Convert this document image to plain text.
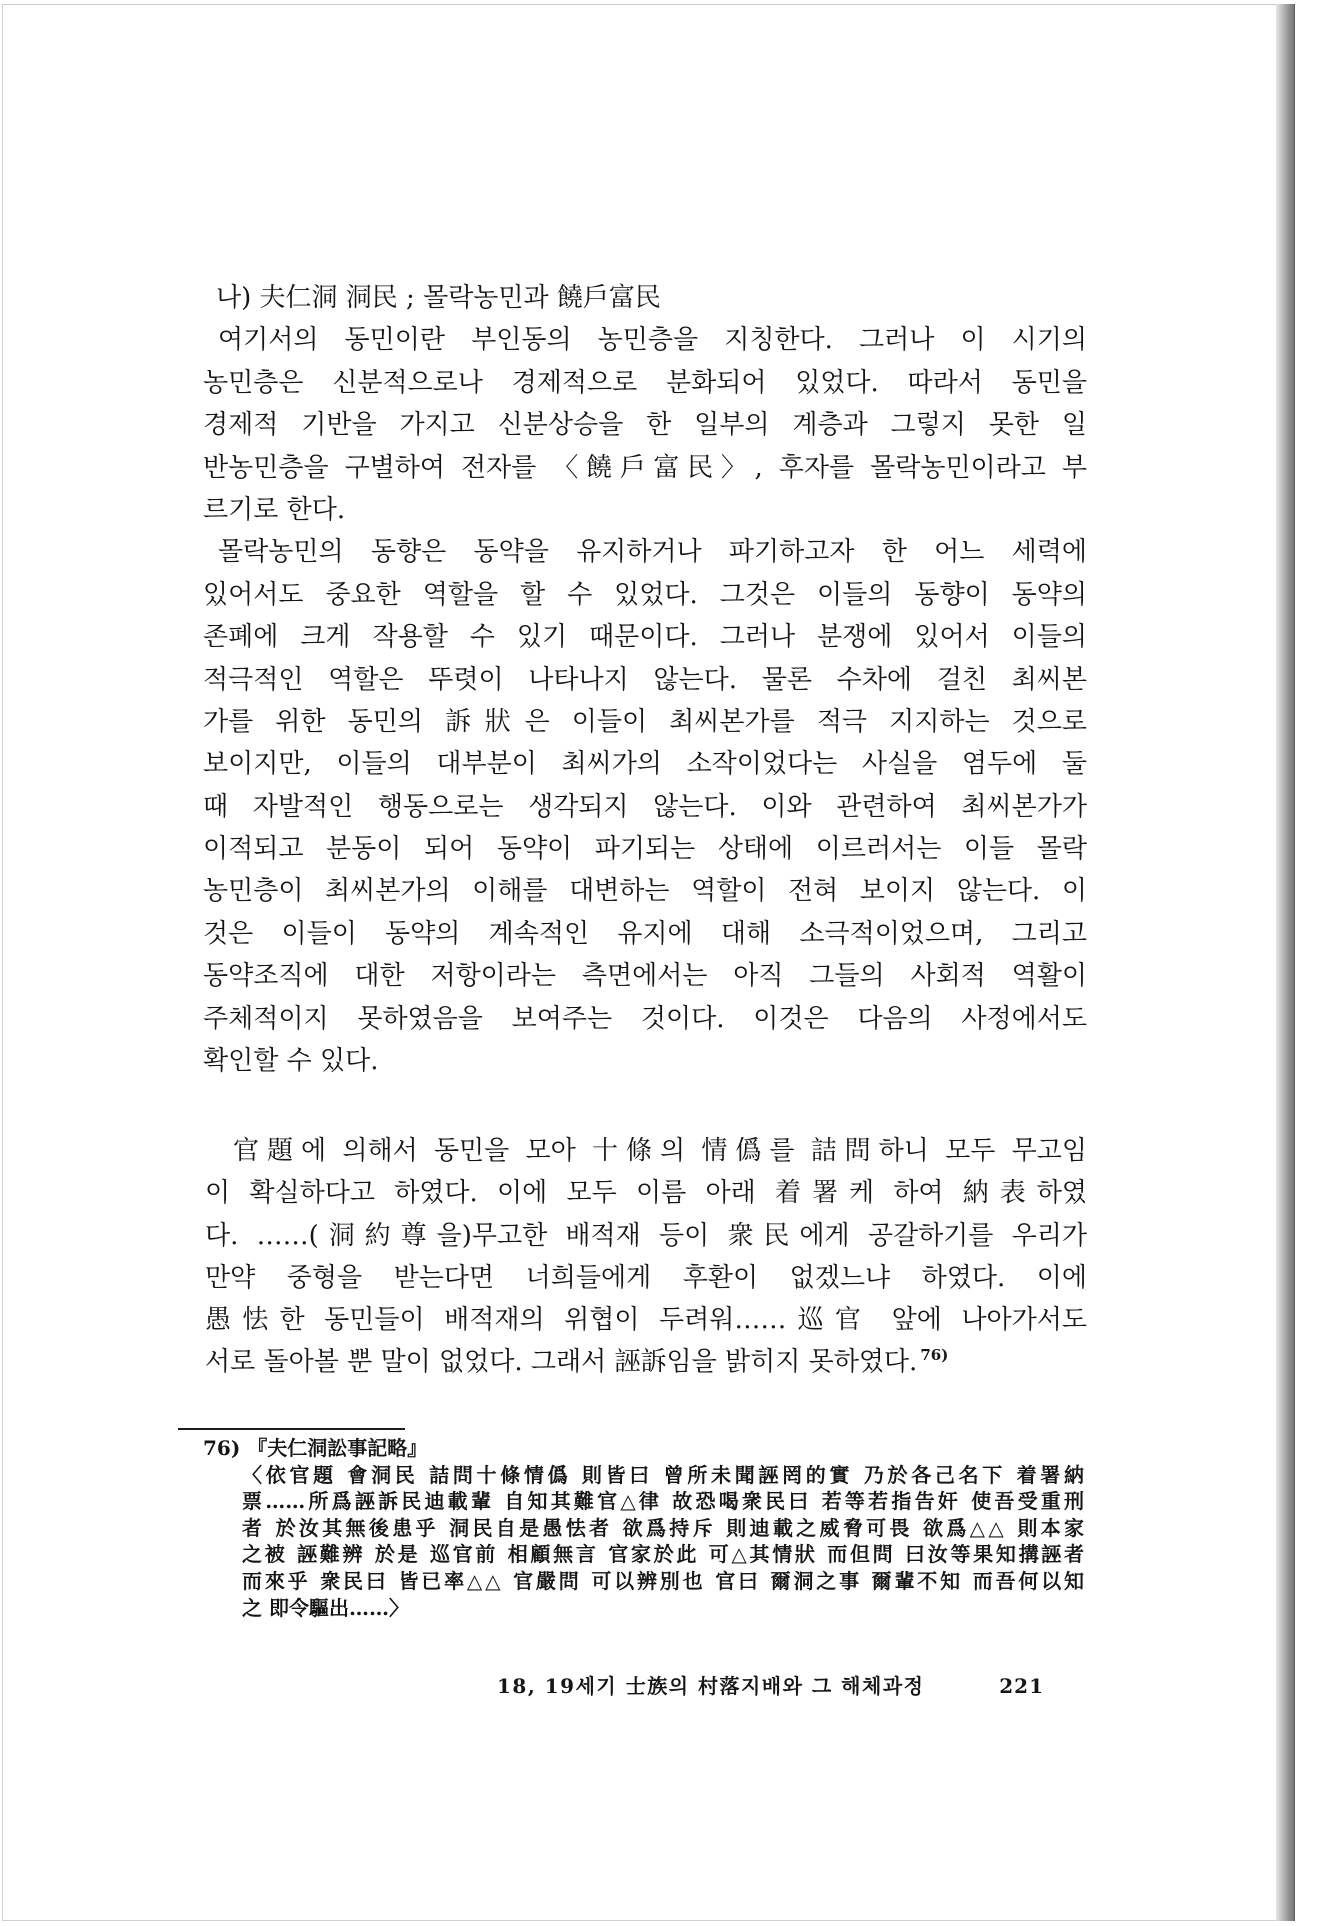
나) 夫仁洞 洞民 ; 몰락농민과 饒戶富民
여기서의 동민이란 부인동의 농민층을 지칭한다. 그러나 이 시기의
농민층은 신분적으로나 경제적으로 분화되어 있었다. 따라서 동민을
경제적 기반을 가지고 신분상승을 한 일부의 계층과 그렇지 못한 일
반농민층을 구별하여 전자를 〈饒戶富民〉, 후자를 몰락농민이라고 부
르기로 한다.
몰락농민의 동향은 동약을 유지하거나 파기하고자 한 어느 세력에
있어서도 중요한 역할을 할 수 있었다. 그것은 이들의 동향이 동약의
존폐에 크게 작용할 수 있기 때문이다. 그러나 분쟁에 있어서 이들의
적극적인 역할은 뚜렷이 나타나지 않는다. 물론 수차에 걸친 최씨본
가를 위한 동민의 訴狀은 이들이 최씨본가를 적극 지지하는 것으로
보이지만, 이들의 대부분이 최씨가의 소작이었다는 사실을 염두에 둘
때 자발적인 행동으로는 생각되지 않는다. 이와 관련하여 최씨본가가
이적되고 분동이 되어 동약이 파기되는 상태에 이르러서는 이들 몰락
농민층이 최씨본가의 이해를 대변하는 역할이 전혀 보이지 않는다. 이
것은 이들이 동약의 계속적인 유지에 대해 소극적이었으며, 그리고
동약조직에 대한 저항이라는 측면에서는 아직 그들의 사회적 역활이
주체적이지 못하였음을 보여주는 것이다. 이것은 다음의 사정에서도
확인할 수 있다.
官題에 의해서 동민을 모아 十條의 情僞를 詰問하니 모두 무고임
이 확실하다고 하였다. 이에 모두 이름 아래 着署케 하여 納表하였
다. ……(洞約尊을)무고한 배적재 등이 衆民에게 공갈하기를 우리가
만약 중형을 받는다면 너희들에게 후환이 없겠느냐 하였다. 이에
愚怯한 동민들이 배적재의 위협이 두려워……巡官 앞에 나아가서도
서로 돌아볼 뿐 말이 없었다. 그래서 誣訴임을 밝히지 못하였다. $^{76)}$
76) 『夫仁洞訟事記略』
〈依官題 會洞民 詰問十條情僞 則皆曰 曾所未聞誣罔的實 乃於各己名下 着署納
票……所爲誣訴民迪載輩 自知其難官△律 故恐喝衆民曰 若等若指告奸 使吾受重刑
者 於汝其無後患乎 洞民自是愚怯者 欲爲持斥 則迪載之威脅可畏 欲爲△△ 則本家
之被 誣難辨 於是 巡官前 相顧無言 官家於此 可△其情狀 而但問 曰汝等果知搆誣者
而來乎 衆民曰 皆已率△△ 官嚴問 可以辨別也 官曰 爾洞之事 爾輩不知 而吾何以知
之 即令驅出……〉
18, 19세기 士族의 村落지배와 그 해체과정	221
